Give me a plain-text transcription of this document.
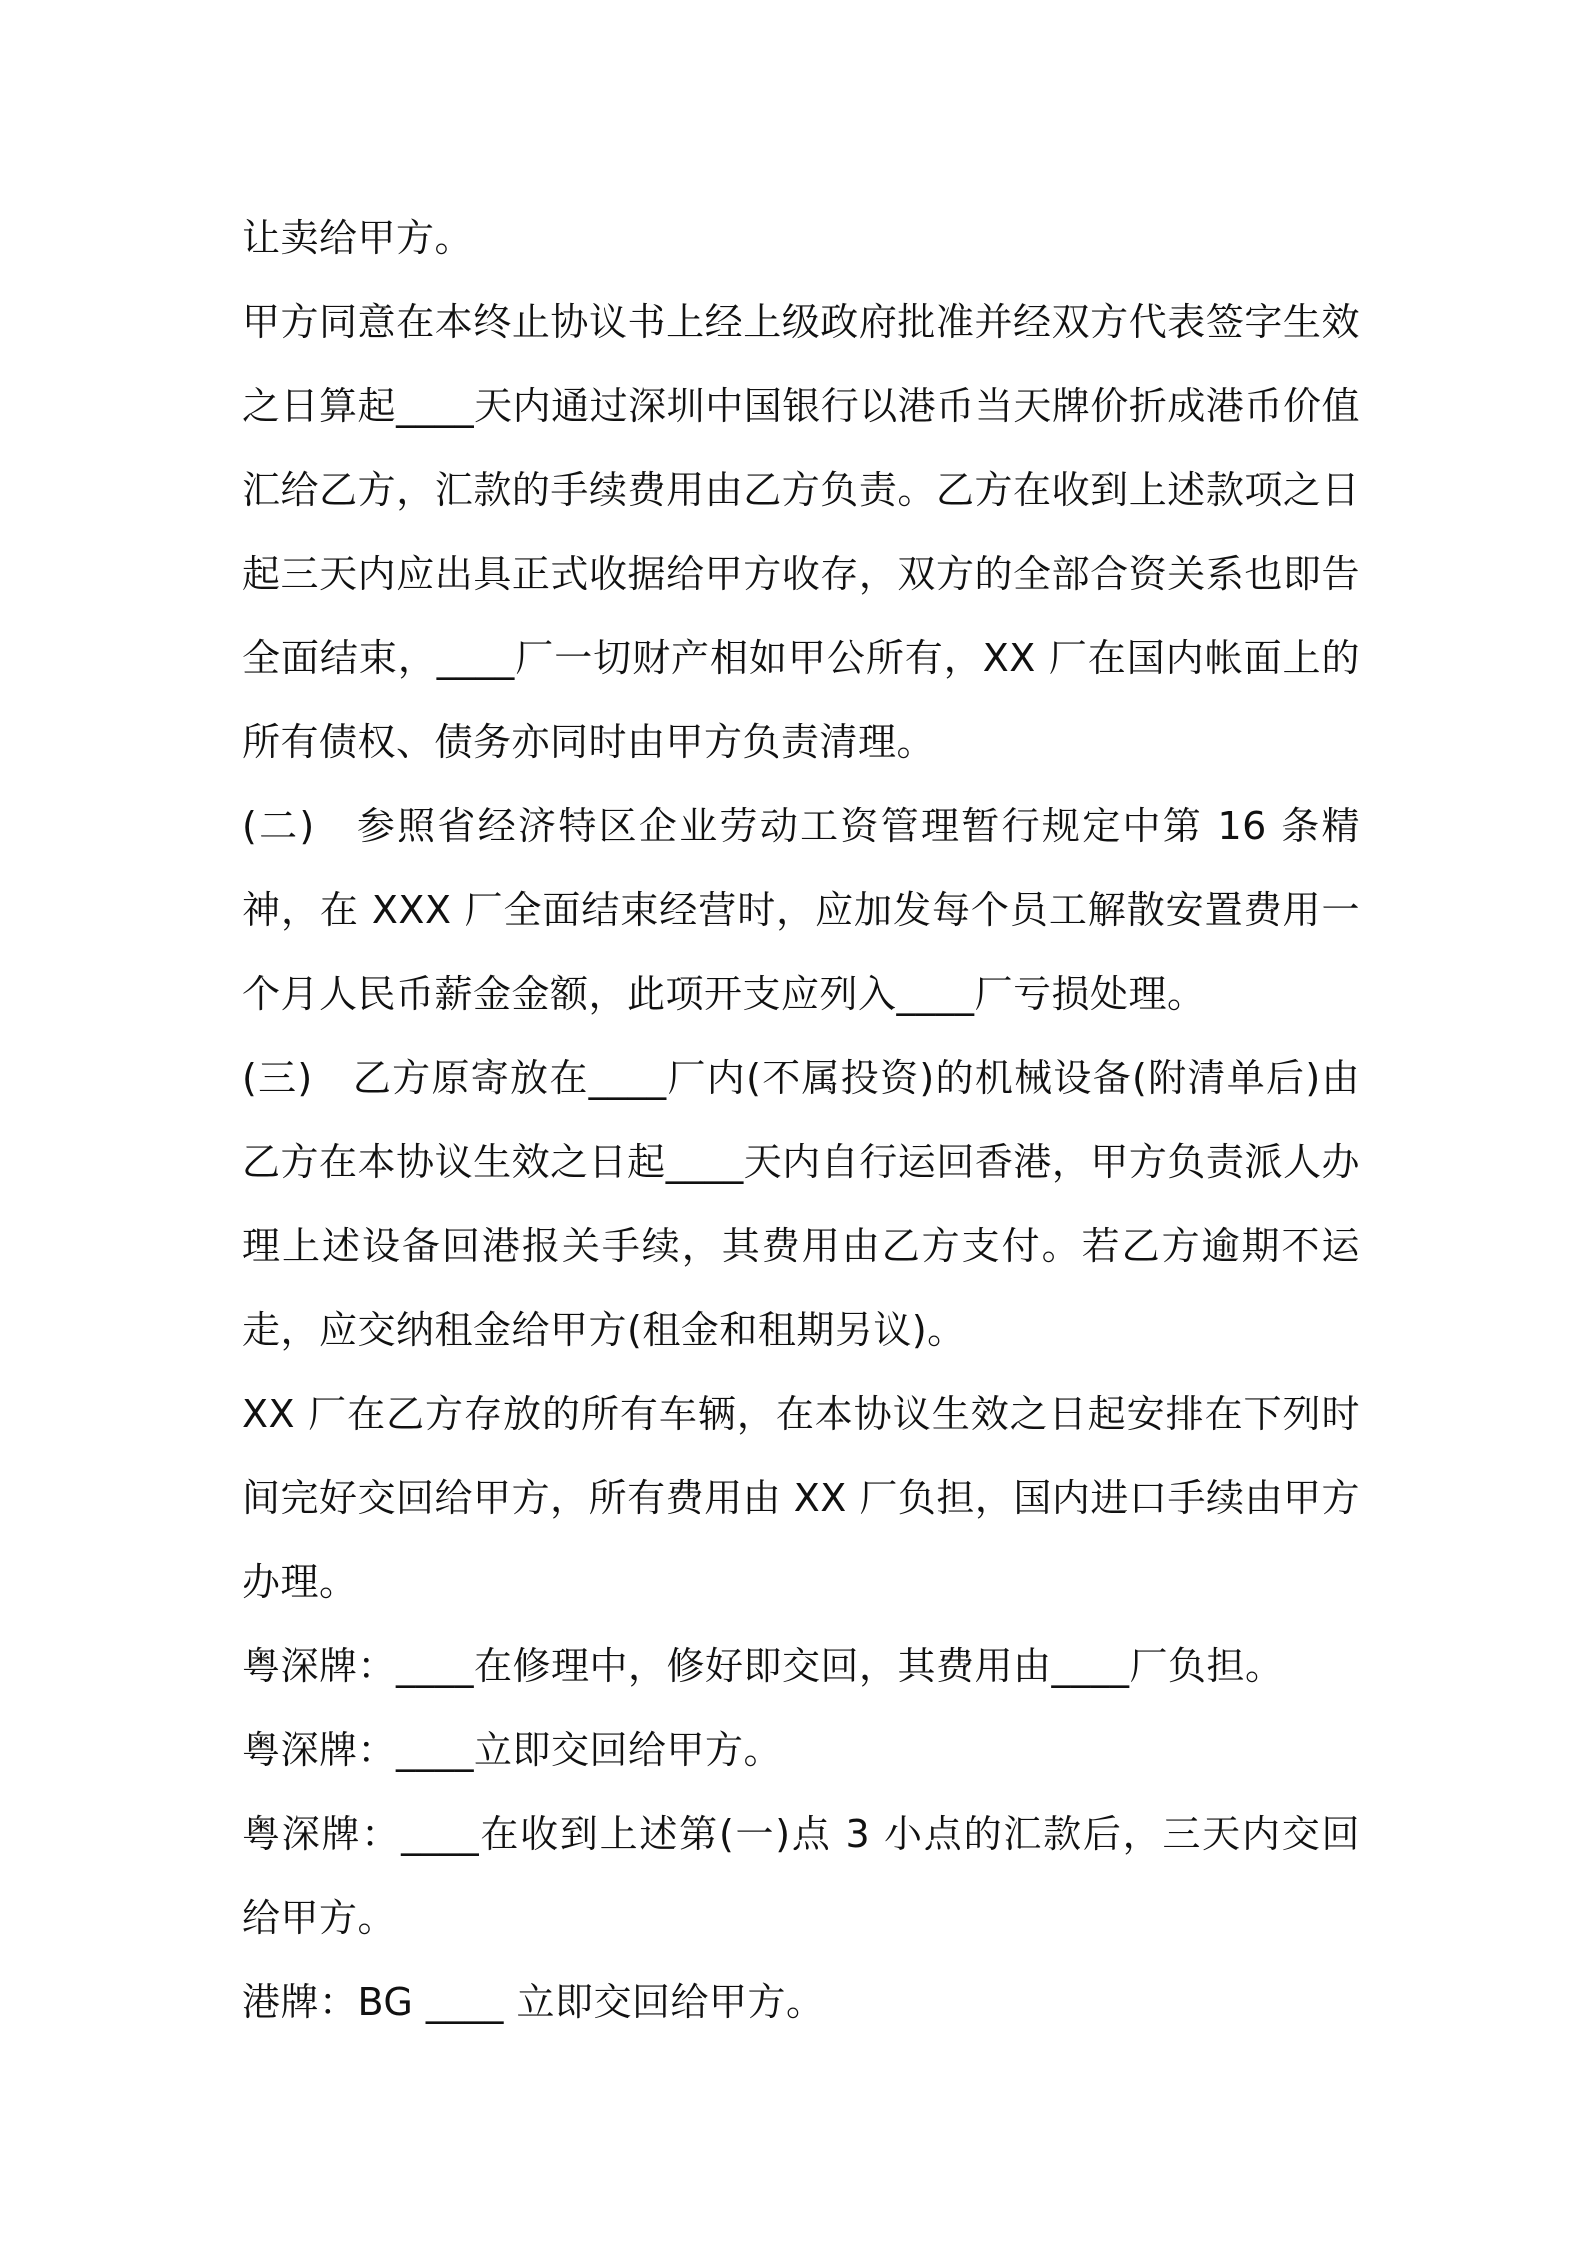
让卖给甲方。

甲方同意在本终止协议书上经上级政府批准并经双方代表签字生效之日算起____天内通过深圳中国银行以港币当天牌价折成港币价值汇给乙方，汇款的手续费用由乙方负责。乙方在收到上述款项之日起三天内应出具正式收据给甲方收存，双方的全部合资关系也即告全面结束，____厂一切财产相如甲公所有，XX 厂在国内帐面上的所有债权、债务亦同时由甲方负责清理。

(二)　参照省经济特区企业劳动工资管理暂行规定中第 16 条精神，在 XXX 厂全面结束经营时，应加发每个员工解散安置费用一个月人民币薪金金额，此项开支应列入____厂亏损处理。

(三)　乙方原寄放在____厂内(不属投资)的机械设备(附清单后)由乙方在本协议生效之日起____天内自行运回香港，甲方负责派人办理上述设备回港报关手续，其费用由乙方支付。若乙方逾期不运走，应交纳租金给甲方(租金和租期另议)。

XX 厂在乙方存放的所有车辆，在本协议生效之日起安排在下列时间完好交回给甲方，所有费用由 XX 厂负担，国内进口手续由甲方办理。

粤深牌：____在修理中，修好即交回，其费用由____厂负担。

粤深牌：____立即交回给甲方。

粤深牌：____在收到上述第(一)点 3 小点的汇款后，三天内交回给甲方。

港牌：BG ____ 立即交回给甲方。
